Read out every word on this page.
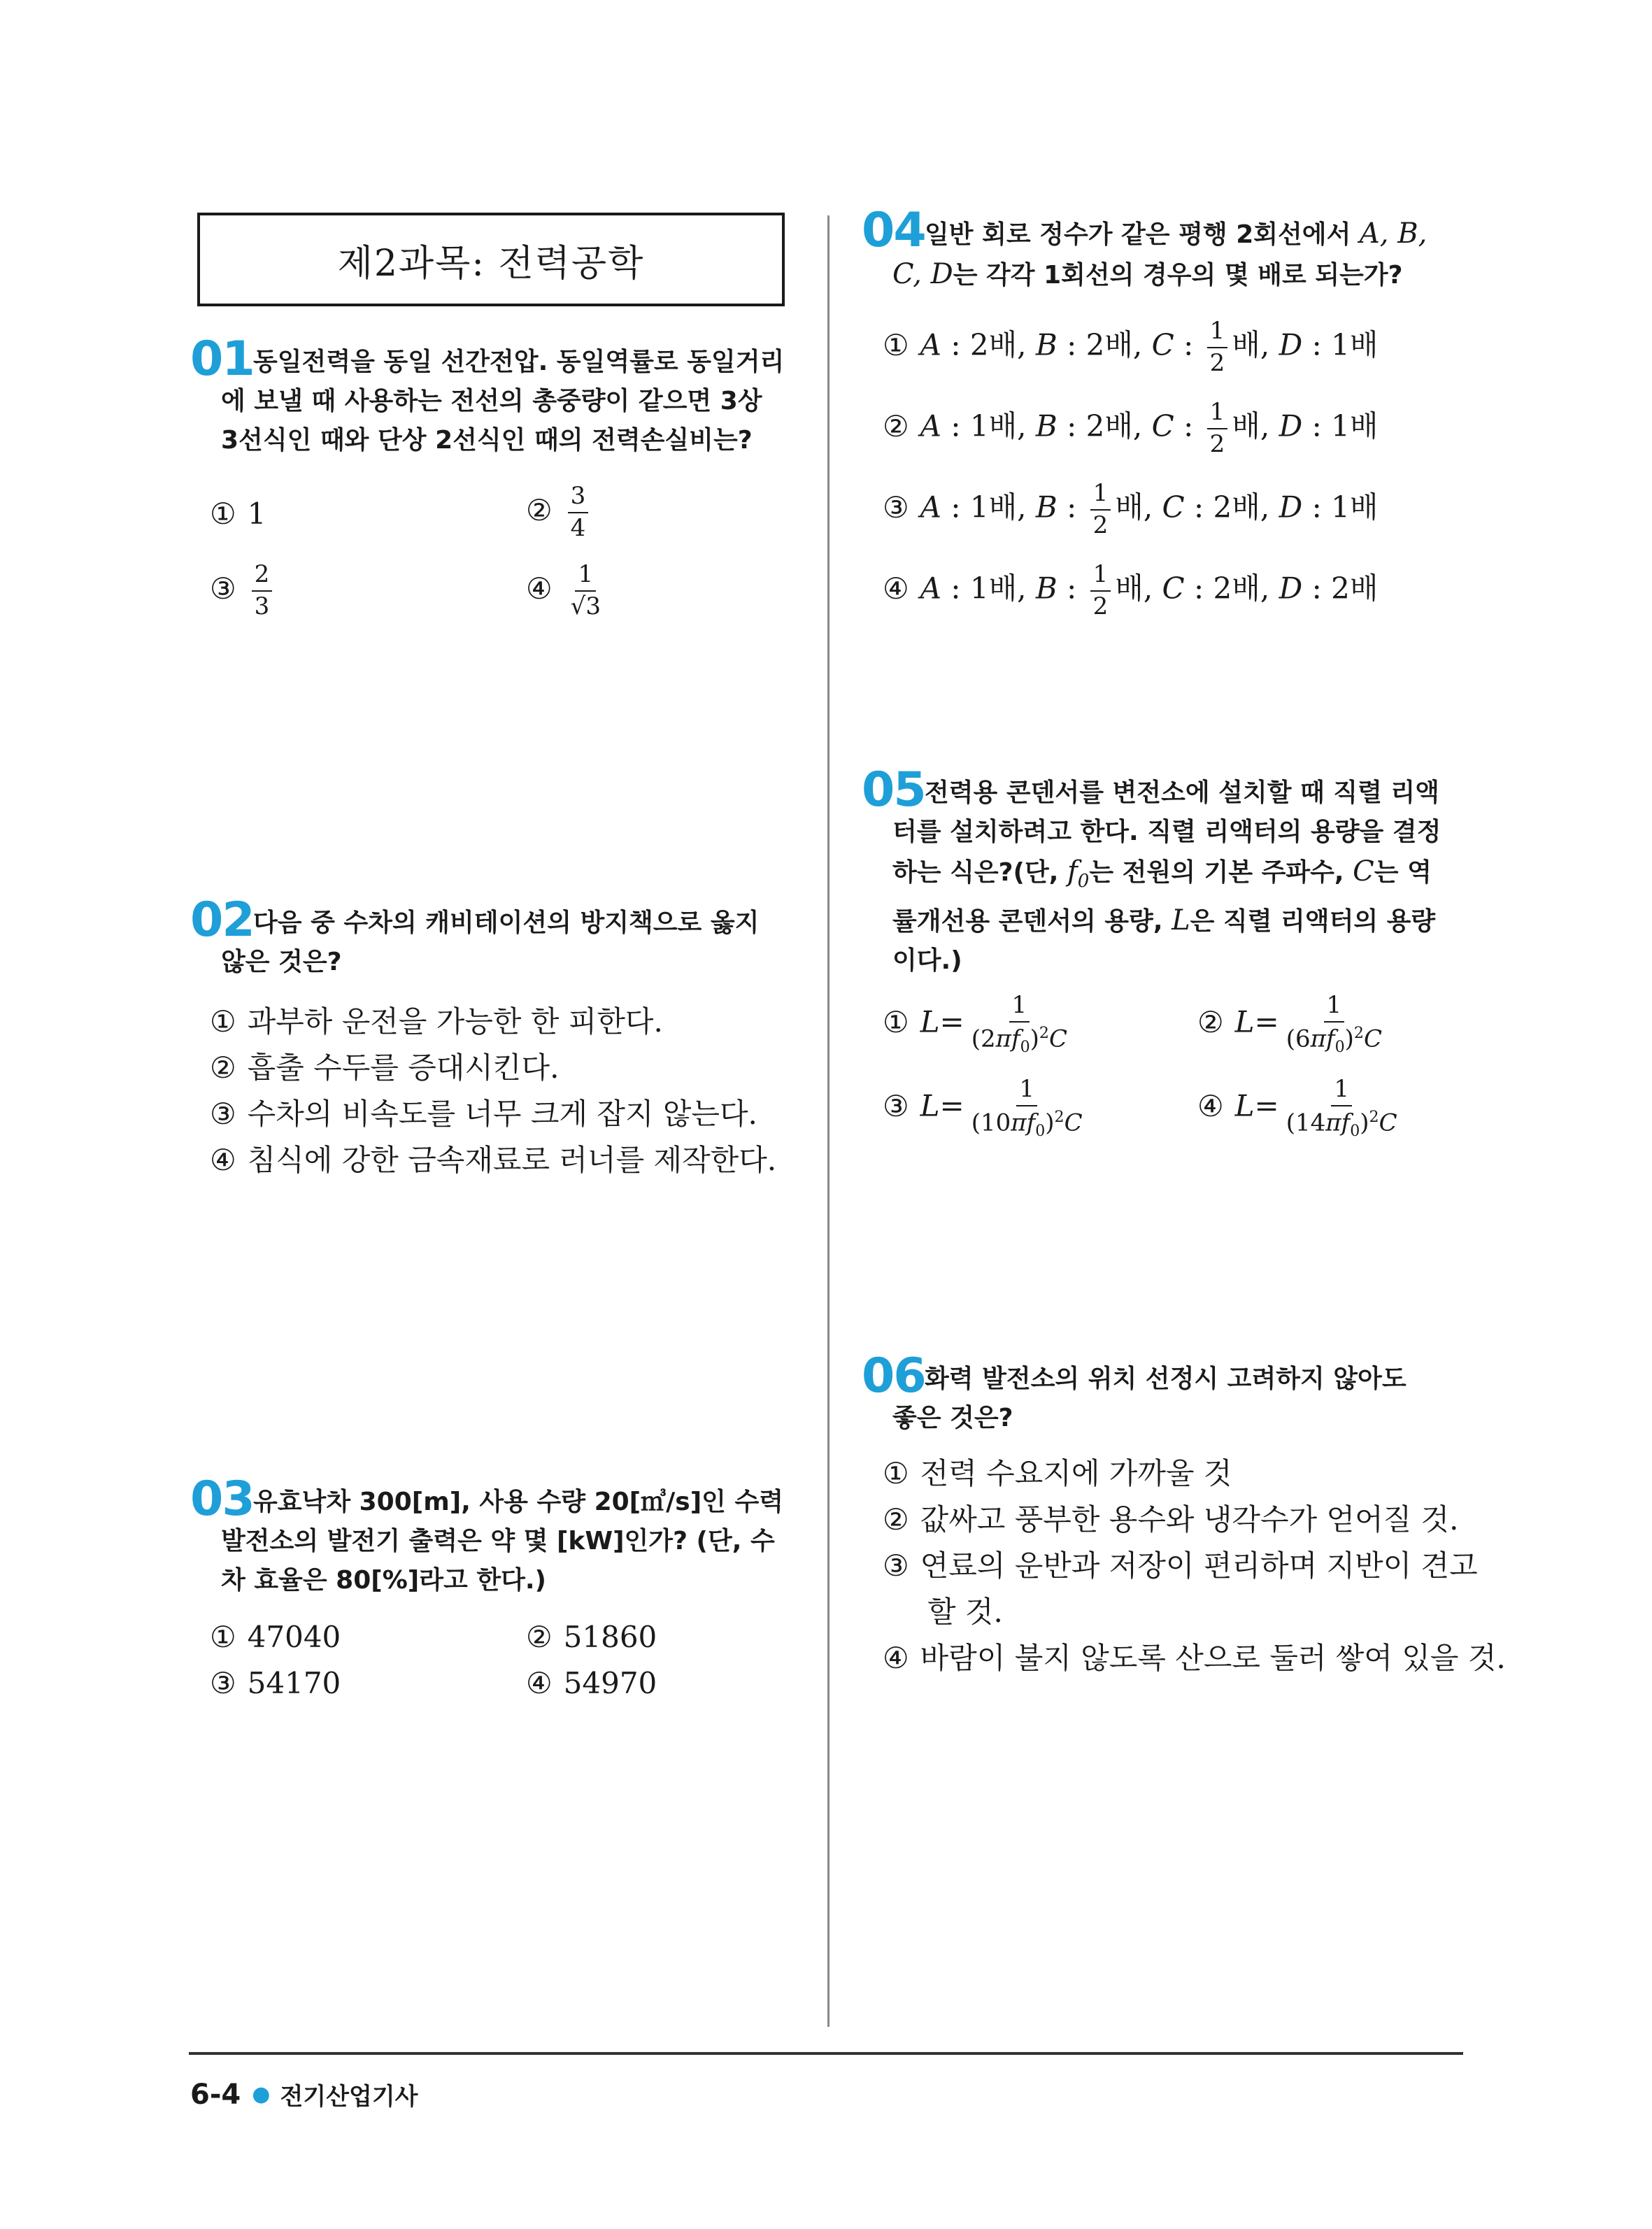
제2과목: 전력공학
01 동일전력을 동일 선간전압. 동일역률로 동일거리
에 보낼 때 사용하는 전선의 총중량이 같으면 3상
3선식인 때와 단상 2선식인 때의 전력손실비는?
① 1	② $\frac{3}{4}$
③ $\frac{2}{3}$	④ $\frac{1}{√3}$
02 다음 중 수차의 캐비테이션의 방지책으로 옳지
않은 것은?
① 과부하 운전을 가능한 한 피한다.
② 흡출 수두를 증대시킨다.
③ 수차의 비속도를 너무 크게 잡지 않는다.
④ 침식에 강한 금속재료로 러너를 제작한다.
03 유효낙차 300[m], 사용 수량 20[㎥/s]인 수력
발전소의 발전기 출력은 약 몇 [kW]인가? (단, 수
차 효율은 80[%]라고 한다.)
① 47040	② 51860
③ 54170	④ 54970
04 일반 회로 정수가 같은 평행 2회선에서 A, B,
C, D는 각각 1회선의 경우의 몇 배로 되는가?
① A : 2배, B : 2배, C : $\frac{1}{2}$ 배, D : 1배
② A : 1배, B : 2배, C : $\frac{1}{2}$ 배, D : 1배
③ A : 1배, B : $\frac{1}{2}$ 배, C : 2배, D : 1배
④ A : 1배, B : $\frac{1}{2}$ 배, C : 2배, D : 2배
05 전력용 콘덴서를 변전소에 설치할 때 직렬 리액
터를 설치하려고 한다. 직렬 리액터의 용량을 결정
하는 식은?(단, $f_0$는 전원의 기본 주파수, C는 역
률개선용 콘덴서의 용량, L은 직렬 리액터의 용량
이다.)
① $L= \frac{1}{(2\pi f_0)^2C}$	② $L= \frac{1}{(6\pi f_0)^2C}$
③ $L= \frac{1}{(10\pi f_0)^2C}$	④ $L= \frac{1}{(14\pi f_0)^2C}$
06 화력 발전소의 위치 선정시 고려하지 않아도
좋은 것은?
① 전력 수요지에 가까울 것
② 값싸고 풍부한 용수와 냉각수가 얻어질 것.
③ 연료의 운반과 저장이 편리하며 지반이 견고
할 것.
④ 바람이 불지 않도록 산으로 둘러 쌓여 있을 것.
6-4 ● 전기산업기사
